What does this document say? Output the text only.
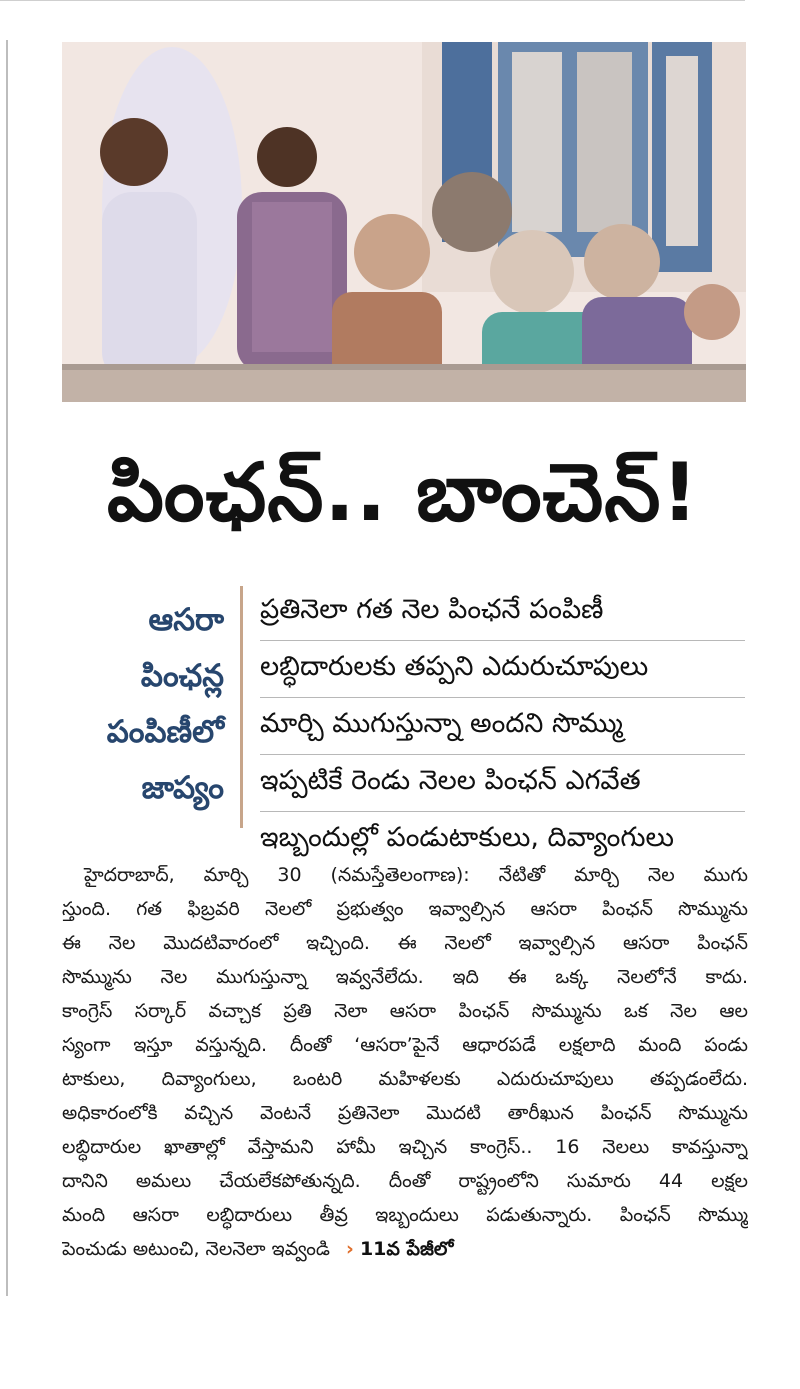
పింఛన్.. బాంచెన్!
ఆసరా
పింఛన్ల
పంపిణీలో
జాప్యం
ప్రతినెలా గత నెల పింఛనే పంపిణీ
లబ్ధిదారులకు తప్పని ఎదురుచూపులు
మార్చి ముగుస్తున్నా అందని సొమ్ము
ఇప్పటికే రెండు నెలల పింఛన్ ఎగవేత
ఇబ్బందుల్లో పండుటాకులు, దివ్యాంగులు
హైదరాబాద్, మార్చి 30 (నమస్తేతెలంగాణ): నేటితో మార్చి నెల ముగు
స్తుంది. గత ఫిబ్రవరి నెలలో ప్రభుత్వం ఇవ్వాల్సిన ఆసరా పింఛన్ సొమ్మును
ఈ నెల మొదటివారంలో ఇచ్చింది. ఈ నెలలో ఇవ్వాల్సిన ఆసరా పింఛన్
సొమ్మును నెల ముగుస్తున్నా ఇవ్వనేలేదు. ఇది ఈ ఒక్క నెలలోనే కాదు.
కాంగ్రెస్ సర్కార్ వచ్చాక ప్రతి నెలా ఆసరా పింఛన్ సొమ్మును ఒక నెల ఆల
స్యంగా ఇస్తూ వస్తున్నది. దీంతో ‘ఆసరా’పైనే ఆధారపడే లక్షలాది మంది పండు
టాకులు, దివ్యాంగులు, ఒంటరి మహిళలకు ఎదురుచూపులు తప్పడంలేదు.
అధికారంలోకి వచ్చిన వెంటనే ప్రతినెలా మొదటి తారీఖున పింఛన్ సొమ్మును
లబ్ధిదారుల ఖాతాల్లో వేస్తామని హామీ ఇచ్చిన కాంగ్రెస్.. 16 నెలలు కావస్తున్నా
దానిని అమలు చేయలేకపోతున్నది. దీంతో రాష్ట్రంలోని సుమారు 44 లక్షల
మంది ఆసరా లబ్ధిదారులు తీవ్ర ఇబ్బందులు పడుతున్నారు. పింఛన్ సొమ్ము
పెంచుడు అటుంచి, నెలనెలా ఇవ్వండి › 11వ పేజీలో
